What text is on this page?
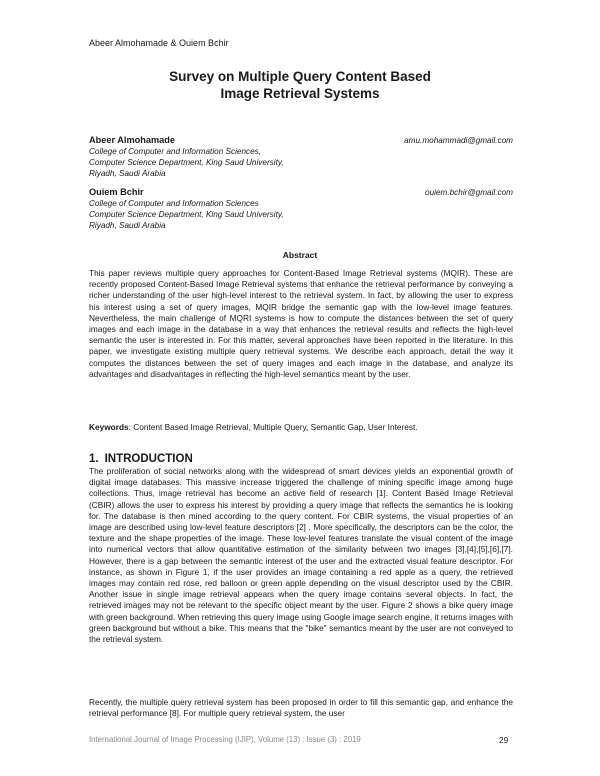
Abeer Almohamade & Ouiem Bchir
Survey on Multiple Query Content Based
Image Retrieval Systems
Abeer Almohamade	amu.mohammadi@gmail.com
College of Computer and Information Sciences,
Computer Science Department, King Saud University,
Riyadh, Saudi Arabia
Ouiem Bchir	ouiem.bchir@gmail.com
College of Computer and Information Sciences
Computer Science Department, King Saud University,
Riyadh, Saudi Arabia
Abstract

This paper reviews multiple query approaches for Content-Based Image Retrieval systems (MQIR). These are recently proposed Content-Based Image Retrieval systems that enhance the retrieval performance by conveying a richer understanding of the user high-level interest to the retrieval system. In fact, by allowing the user to express his interest using a set of query images, MQIR bridge the semantic gap with the low-level image features. Nevertheless, the main challenge of MQRI systems is how to compute the distances between the set of query images and each image in the database in a way that enhances the retrieval results and reflects the high-level semantic the user is interested in. For this matter, several approaches have been reported in the literature. In this paper, we investigate existing multiple query retrieval systems. We describe each approach, detail the way it computes the distances between the set of query images and each image in the database, and analyze its advantages and disadvantages in reflecting the high-level semantics meant by the user.

Keywords: Content Based Image Retrieval, Multiple Query, Semantic Gap, User Interest.
1. INTRODUCTION

The proliferation of social networks along with the widespread of smart devices yields an exponential growth of digital image databases. This massive increase triggered the challenge of mining specific image among huge collections. Thus, image retrieval has become an active field of research [1]. Content Based Image Retrieval (CBIR) allows the user to express his interest by providing a query image that reflects the semantics he is looking for. The database is then mined according to the query content. For CBIR systems, the visual properties of an image are described using low-level feature descriptors [2] . More specifically, the descriptors can be the color, the texture and the shape properties of the image. These low-level features translate the visual content of the image into numerical vectors that allow quantitative estimation of the similarity between two images [3],[4],[5],[6],[7]. However, there is a gap between the semantic interest of the user and the extracted visual feature descriptor. For instance, as shown in Figure 1, if the user provides an image containing a red apple as a query, the retrieved images may contain red rose, red balloon or green apple depending on the visual descriptor used by the CBIR. Another issue in single image retrieval appears when the query image contains several objects. In fact, the retrieved images may not be relevant to the specific object meant by the user. Figure 2 shows a bike query image with green background. When retrieving this query image using Google image search engine, it returns images with green background but without a bike. This means that the "bike" semantics meant by the user are not conveyed to the retrieval system.

Recently, the multiple query retrieval system has been proposed in order to fill this semantic gap, and enhance the retrieval performance [8]. For multiple query retrieval system, the user

International Journal of Image Processing (IJIP), Volume (13) : Issue (3) : 2019	29
